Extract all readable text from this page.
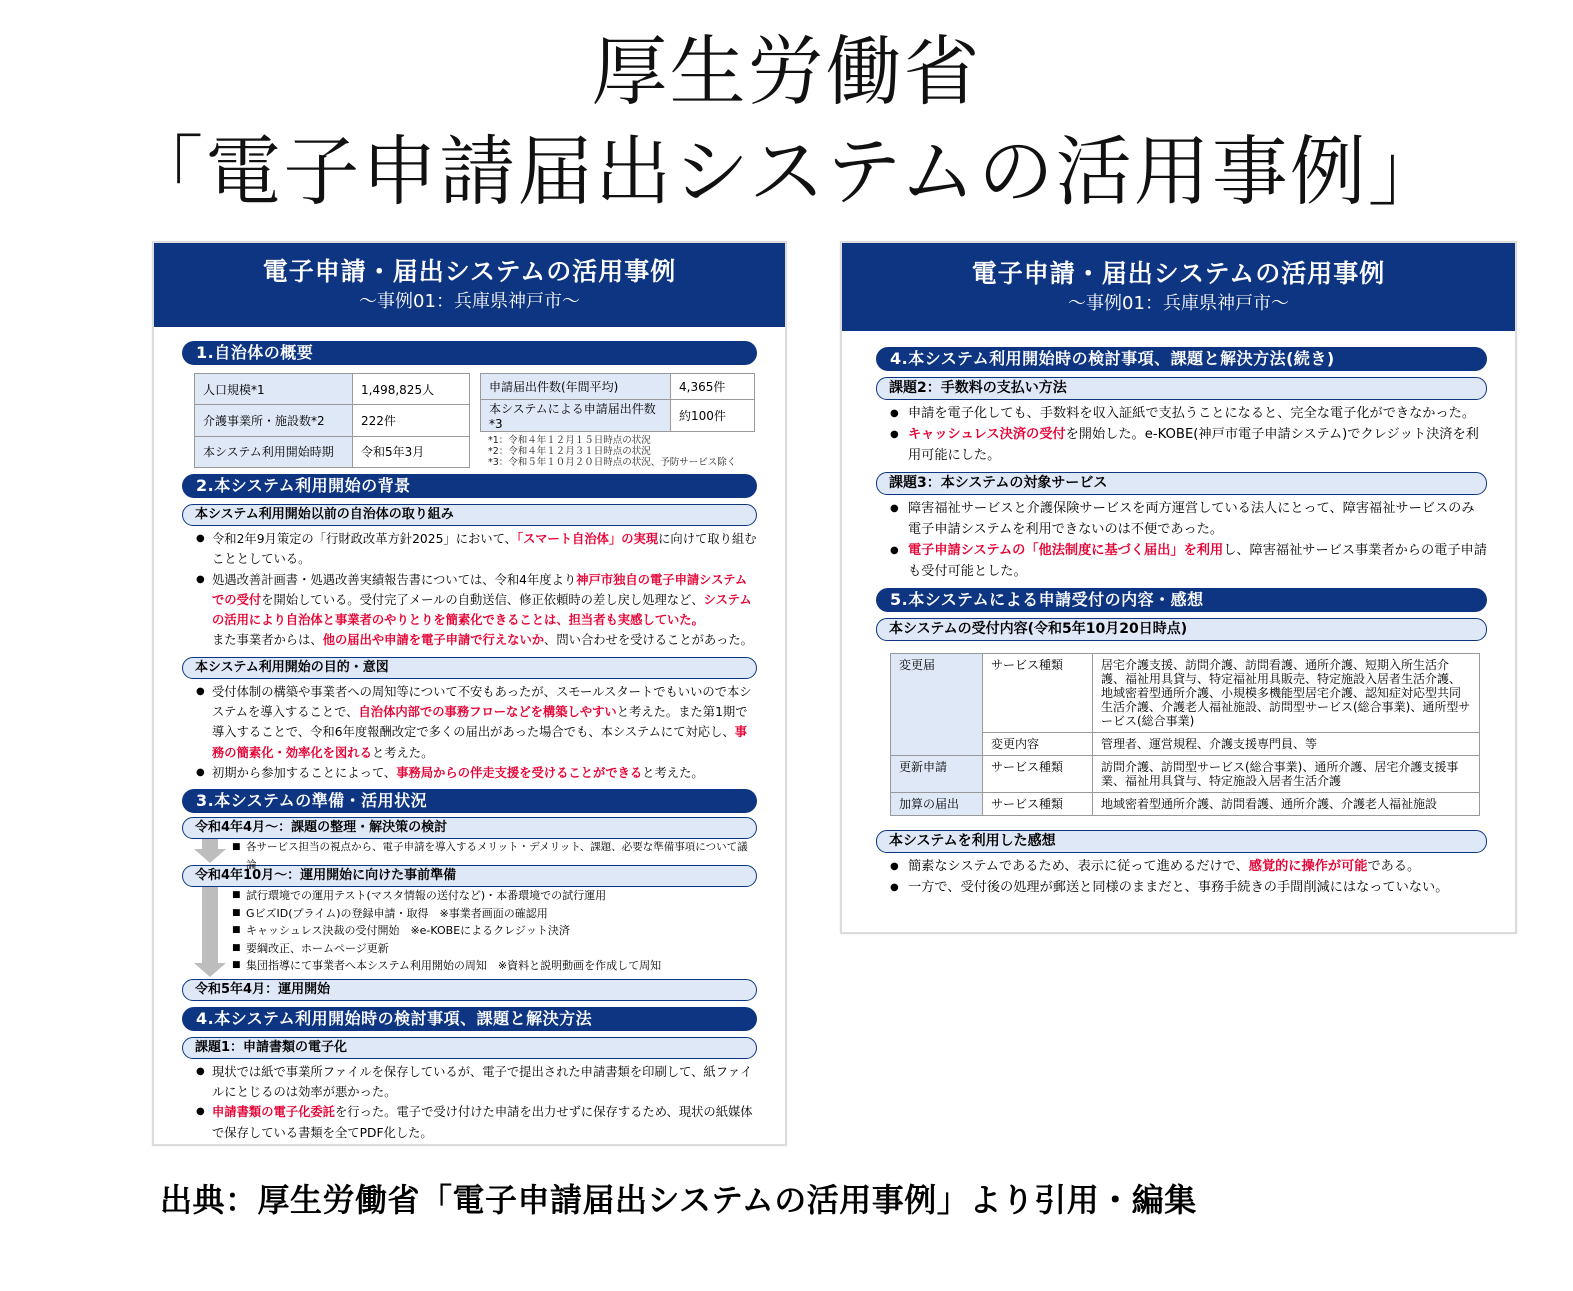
厚生労働省
「電子申請届出システムの活用事例」
電子申請・届出システムの活用事例
～事例01：兵庫県神戸市～
1.自治体の概要
人口規模*1	1,498,825人
介護事業所・施設数*2	222件
本システム利用開始時期	令和5年3月
申請届出件数(年間平均)	4,365件
本システムによる申請届出件数*3	約100件
*1：令和４年１２月１５日時点の状況
*2：令和４年１２月３１日時点の状況
*3：令和５年１０月２０日時点の状況、予防サービス除く
2.本システム利用開始の背景
本システム利用開始以前の自治体の取り組み
● 令和2年9月策定の「行財政改革方針2025」において、「スマート自治体」の実現に向けて取り組むこととしている。
● 処遇改善計画書・処遇改善実績報告書については、令和4年度より神戸市独自の電子申請システムでの受付を開始している。受付完了メールの自動送信、修正依頼時の差し戻し処理など、システムの活用により自治体と事業者のやりとりを簡素化できることは、担当者も実感していた。
また事業者からは、他の届出や申請を電子申請で行えないか、問い合わせを受けることがあった。
本システム利用開始の目的・意図
● 受付体制の構築や事業者への周知等について不安もあったが、スモールスタートでもいいので本システムを導入することで、自治体内部での事務フローなどを構築しやすいと考えた。また第1期で導入することで、令和6年度報酬改定で多くの届出があった場合でも、本システムにて対応し、事務の簡素化・効率化を図れると考えた。
● 初期から参加することによって、事務局からの伴走支援を受けることができると考えた。
3.本システムの準備・活用状況
令和4年4月～：課題の整理・解決策の検討
■ 各サービス担当の視点から、電子申請を導入するメリット・デメリット、課題、必要な準備事項について議論
令和4年10月～：運用開始に向けた事前準備
■ 試行環境での運用テスト(マスタ情報の送付など)・本番環境での試行運用
■ GビズID(プライム)の登録申請・取得　※事業者画面の確認用
■ キャッシュレス決裁の受付開始　※e-KOBEによるクレジット決済
■ 要綱改正、ホームページ更新
■ 集団指導にて事業者へ本システム利用開始の周知　※資料と説明動画を作成して周知
令和5年4月：運用開始
4.本システム利用開始時の検討事項、課題と解決方法
課題1：申請書類の電子化
● 現状では紙で事業所ファイルを保存しているが、電子で提出された申請書類を印刷して、紙ファイルにとじるのは効率が悪かった。
● 申請書類の電子化委託を行った。電子で受け付けた申請を出力せずに保存するため、現状の紙媒体で保存している書類を全てPDF化した。
電子申請・届出システムの活用事例
～事例01：兵庫県神戸市～
4.本システム利用開始時の検討事項、課題と解決方法(続き)
課題2：手数料の支払い方法
● 申請を電子化しても、手数料を収入証紙で支払うことになると、完全な電子化ができなかった。
● キャッシュレス決済の受付を開始した。e-KOBE(神戸市電子申請システム)でクレジット決済を利用可能にした。
課題3：本システムの対象サービス
● 障害福祉サービスと介護保険サービスを両方運営している法人にとって、障害福祉サービスのみ電子申請システムを利用できないのは不便であった。
● 電子申請システムの「他法制度に基づく届出」を利用し、障害福祉サービス事業者からの電子申請も受付可能とした。
5.本システムによる申請受付の内容・感想
本システムの受付内容(令和5年10月20日時点)
変更届	サービス種類	居宅介護支援、訪問介護、訪問看護、通所介護、短期入所生活介護、福祉用具貸与、特定福祉用具販売、特定施設入居者生活介護、地域密着型通所介護、小規模多機能型居宅介護、認知症対応型共同生活介護、介護老人福祉施設、訪問型サービス(総合事業)、通所型サービス(総合事業)
	変更内容	管理者、運営規程、介護支援専門員、等
更新申請	サービス種類	訪問介護、訪問型サービス(総合事業)、通所介護、居宅介護支援事業、福祉用具貸与、特定施設入居者生活介護
加算の届出	サービス種類	地域密着型通所介護、訪問看護、通所介護、介護老人福祉施設
本システムを利用した感想
● 簡素なシステムであるため、表示に従って進めるだけで、感覚的に操作が可能である。
● 一方で、受付後の処理が郵送と同様のままだと、事務手続きの手間削減にはなっていない。
出典：厚生労働省「電子申請届出システムの活用事例」より引用・編集
